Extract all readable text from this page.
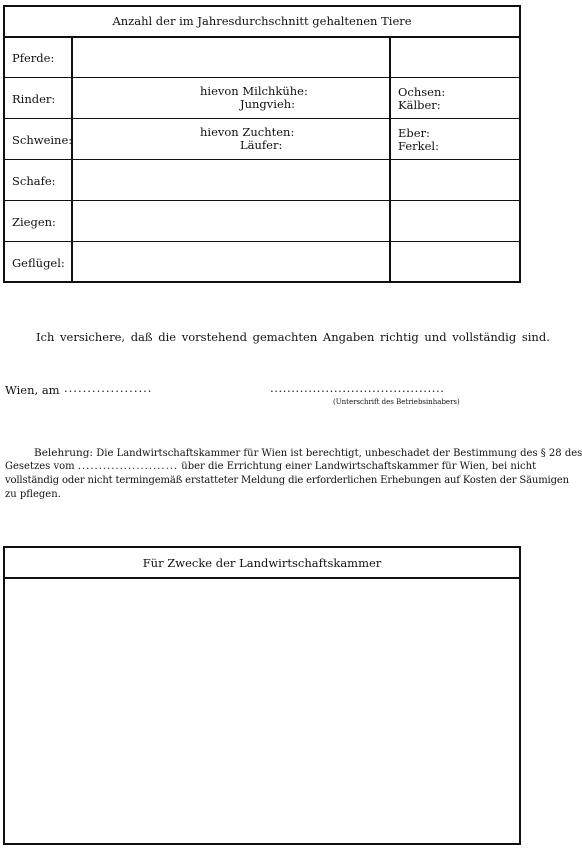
Anzahl der im Jahresdurchschnitt gehaltenen Tiere
Pferde:
Rinder:
Schweine:
Schafe:
Ziegen:
Geflügel:
hievon Milchkühe:
Jungvieh:
Ochsen:
Kälber:
hievon Zuchten:
Läufer:
Eber:
Ferkel:
Ich versichere, daß die vorstehend gemachten Angaben richtig und vollständig sind.
Wien, am ...................	.........................................
(Unterschrift des Betriebsinhabers)
Belehrung: Die Landwirtschaftskammer für Wien ist berechtigt, unbeschadet der Bestimmung des § 28 des
Gesetzes vom ........................ über die Errichtung einer Landwirtschaftskammer für Wien, bei nicht
vollständig oder nicht termingemäß erstatteter Meldung die erforderlichen Erhebungen auf Kosten der Säumigen
zu pflegen.
Für Zwecke der Landwirtschaftskammer
